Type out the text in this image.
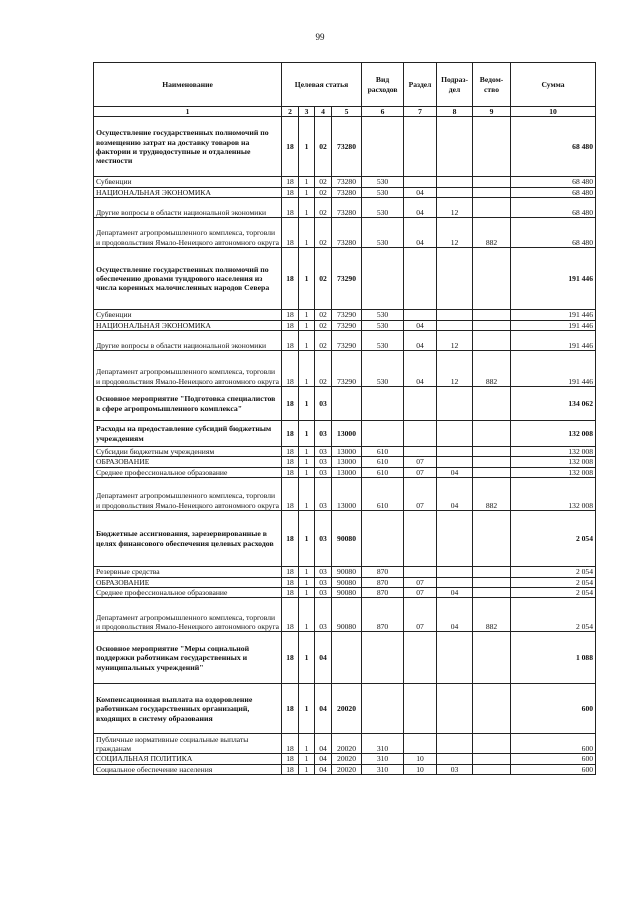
99
Наименование	Целевая статья				Вид расходов	Раздел	Подраз-дел	Ведом-ство	Сумма
1	2	3	4	5	6	7	8	9	10
Осуществление государственных полномочий по возмещению затрат на доставку товаров на фактории и труднодоступные и отдаленные местности	18	1	02	73280					68 480
Субвенции	18	1	02	73280	530				68 480
НАЦИОНАЛЬНАЯ ЭКОНОМИКА	18	1	02	73280	530	04			68 480
Другие вопросы в области национальной экономики	18	1	02	73280	530	04	12		68 480
Департамент агропромышленного комплекса, торговли и продовольствия Ямало-Ненецкого автономного округа	18	1	02	73280	530	04	12	882	68 480
Осуществление государственных полномочий по обеспечению дровами тундрового населения из числа коренных малочисленных народов Севера	18	1	02	73290					191 446
Субвенции	18	1	02	73290	530				191 446
НАЦИОНАЛЬНАЯ ЭКОНОМИКА	18	1	02	73290	530	04			191 446
Другие вопросы в области национальной экономики	18	1	02	73290	530	04	12		191 446
Департамент агропромышленного комплекса, торговли и продовольствия Ямало-Ненецкого автономного округа	18	1	02	73290	530	04	12	882	191 446
Основное мероприятие "Подготовка специалистов в сфере агропромышленного комплекса"	18	1	03						134 062
Расходы на предоставление субсидий бюджетным учреждениям	18	1	03	13000					132 008
Субсидии бюджетным учреждениям	18	1	03	13000	610				132 008
ОБРАЗОВАНИЕ	18	1	03	13000	610	07			132 008
Среднее профессиональное образование	18	1	03	13000	610	07	04		132 008
Департамент агропромышленного комплекса, торговли и продовольствия Ямало-Ненецкого автономного округа	18	1	03	13000	610	07	04	882	132 008
Бюджетные ассигнования, зарезервированные в целях финансового обеспечения целевых расходов	18	1	03	90080					2 054
Резервные средства	18	1	03	90080	870				2 054
ОБРАЗОВАНИЕ	18	1	03	90080	870	07			2 054
Среднее профессиональное образование	18	1	03	90080	870	07	04		2 054
Департамент агропромышленного комплекса, торговли и продовольствия Ямало-Ненецкого автономного округа	18	1	03	90080	870	07	04	882	2 054
Основное мероприятие "Меры социальной поддержки работникам государственных и муниципальных учреждений"	18	1	04						1 088
Компенсационная выплата на оздоровление работникам государственных организаций, входящих в систему образования	18	1	04	20020					600
Публичные нормативные социальные выплаты гражданам	18	1	04	20020	310				600
СОЦИАЛЬНАЯ ПОЛИТИКА	18	1	04	20020	310	10			600
Социальное обеспечение населения	18	1	04	20020	310	10	03		600
